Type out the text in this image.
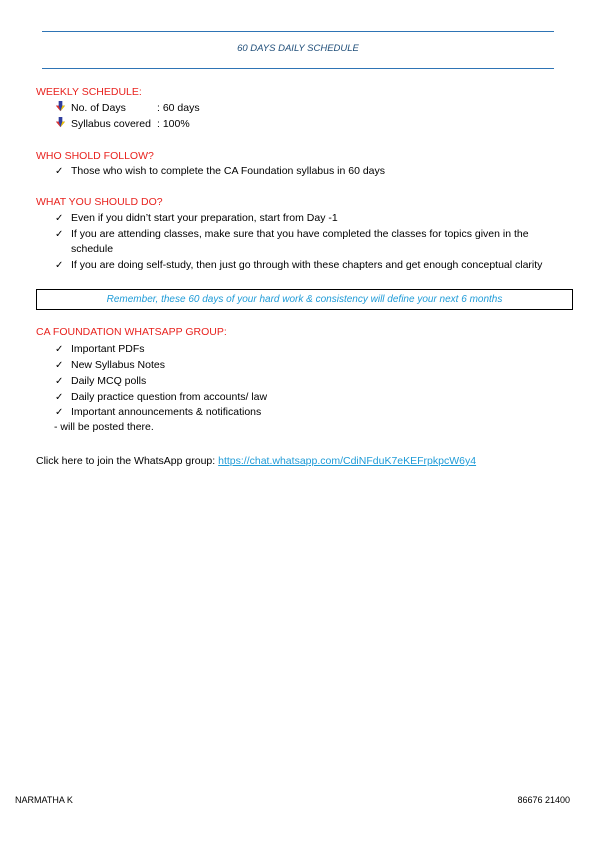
60 DAYS DAILY SCHEDULE
WEEKLY SCHEDULE:
No. of Days	: 60 days
Syllabus covered : 100%
WHO SHOLD FOLLOW?
✓ Those who wish to complete the CA Foundation syllabus in 60 days
WHAT YOU SHOULD DO?
✓ Even if you didn’t start your preparation, start from Day -1
✓ If you are attending classes, make sure that you have completed the classes for topics given in the
schedule
✓ If you are doing self-study, then just go through with these chapters and get enough conceptual clarity
Remember, these 60 days of your hard work & consistency will define your next 6 months
CA FOUNDATION WHATSAPP GROUP:
✓ Important PDFs
✓ New Syllabus Notes
✓ Daily MCQ polls
✓ Daily practice question from accounts/ law
✓ Important announcements & notifications
- will be posted there.
Click here to join the WhatsApp group: https://chat.whatsapp.com/CdiNFduK7eKEFrpkpcW6y4
NARMATHA K	86676 21400
